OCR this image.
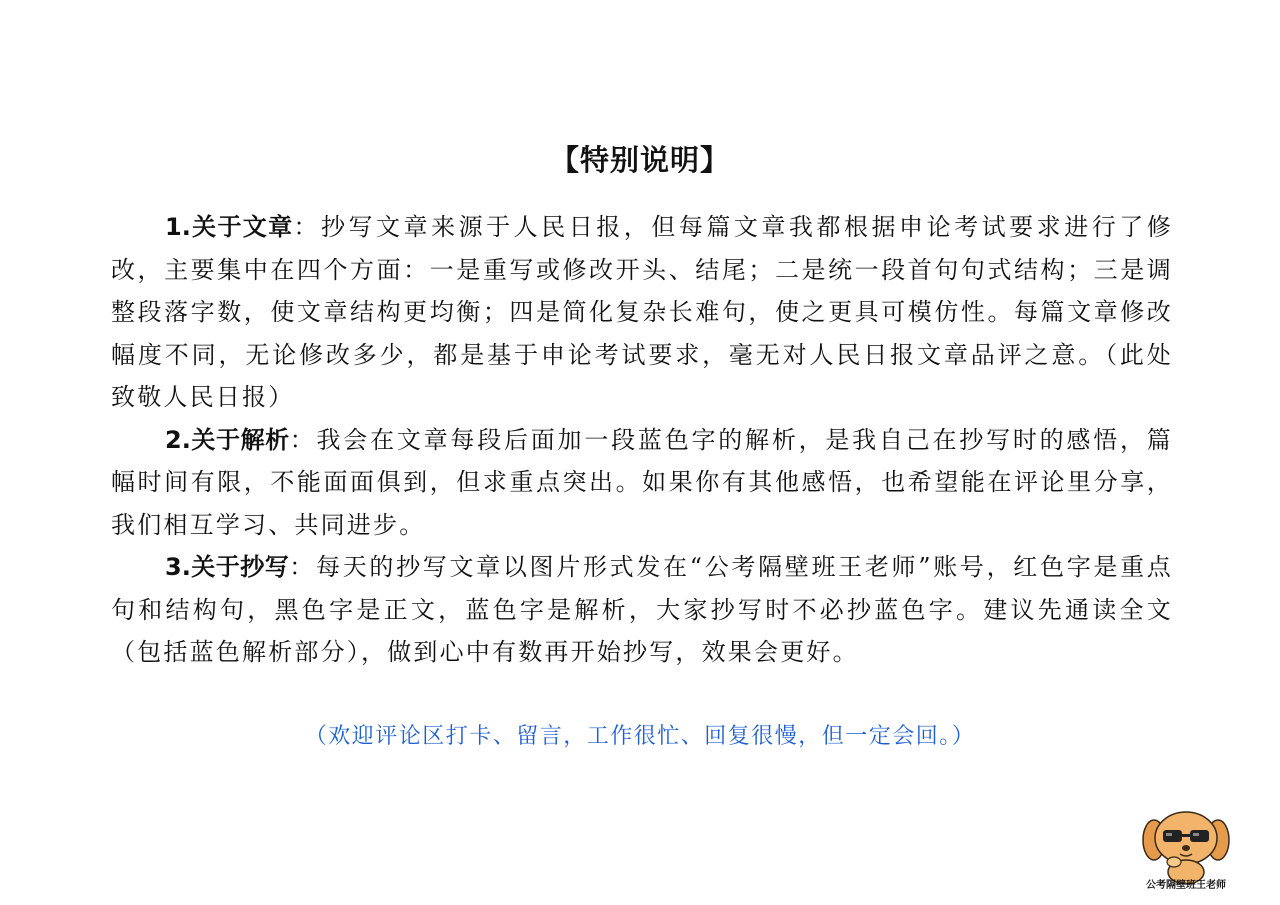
【特别说明】

1.关于文章：抄写文章来源于人民日报，但每篇文章我都根据申论考试要求进行了修改，主要集中在四个方面：一是重写或修改开头、结尾；二是统一段首句句式结构；三是调整段落字数，使文章结构更均衡；四是简化复杂长难句，使之更具可模仿性。每篇文章修改幅度不同，无论修改多少，都是基于申论考试要求，毫无对人民日报文章品评之意。（此处致敬人民日报）

2.关于解析：我会在文章每段后面加一段蓝色字的解析，是我自己在抄写时的感悟，篇幅时间有限，不能面面俱到，但求重点突出。如果你有其他感悟，也希望能在评论里分享，我们相互学习、共同进步。

3.关于抄写：每天的抄写文章以图片形式发在“公考隔壁班王老师”账号，红色字是重点句和结构句，黑色字是正文，蓝色字是解析，大家抄写时不必抄蓝色字。建议先通读全文（包括蓝色解析部分），做到心中有数再开始抄写，效果会更好。

（欢迎评论区打卡、留言，工作很忙、回复很慢，但一定会回。）
公考隔壁班王老师
